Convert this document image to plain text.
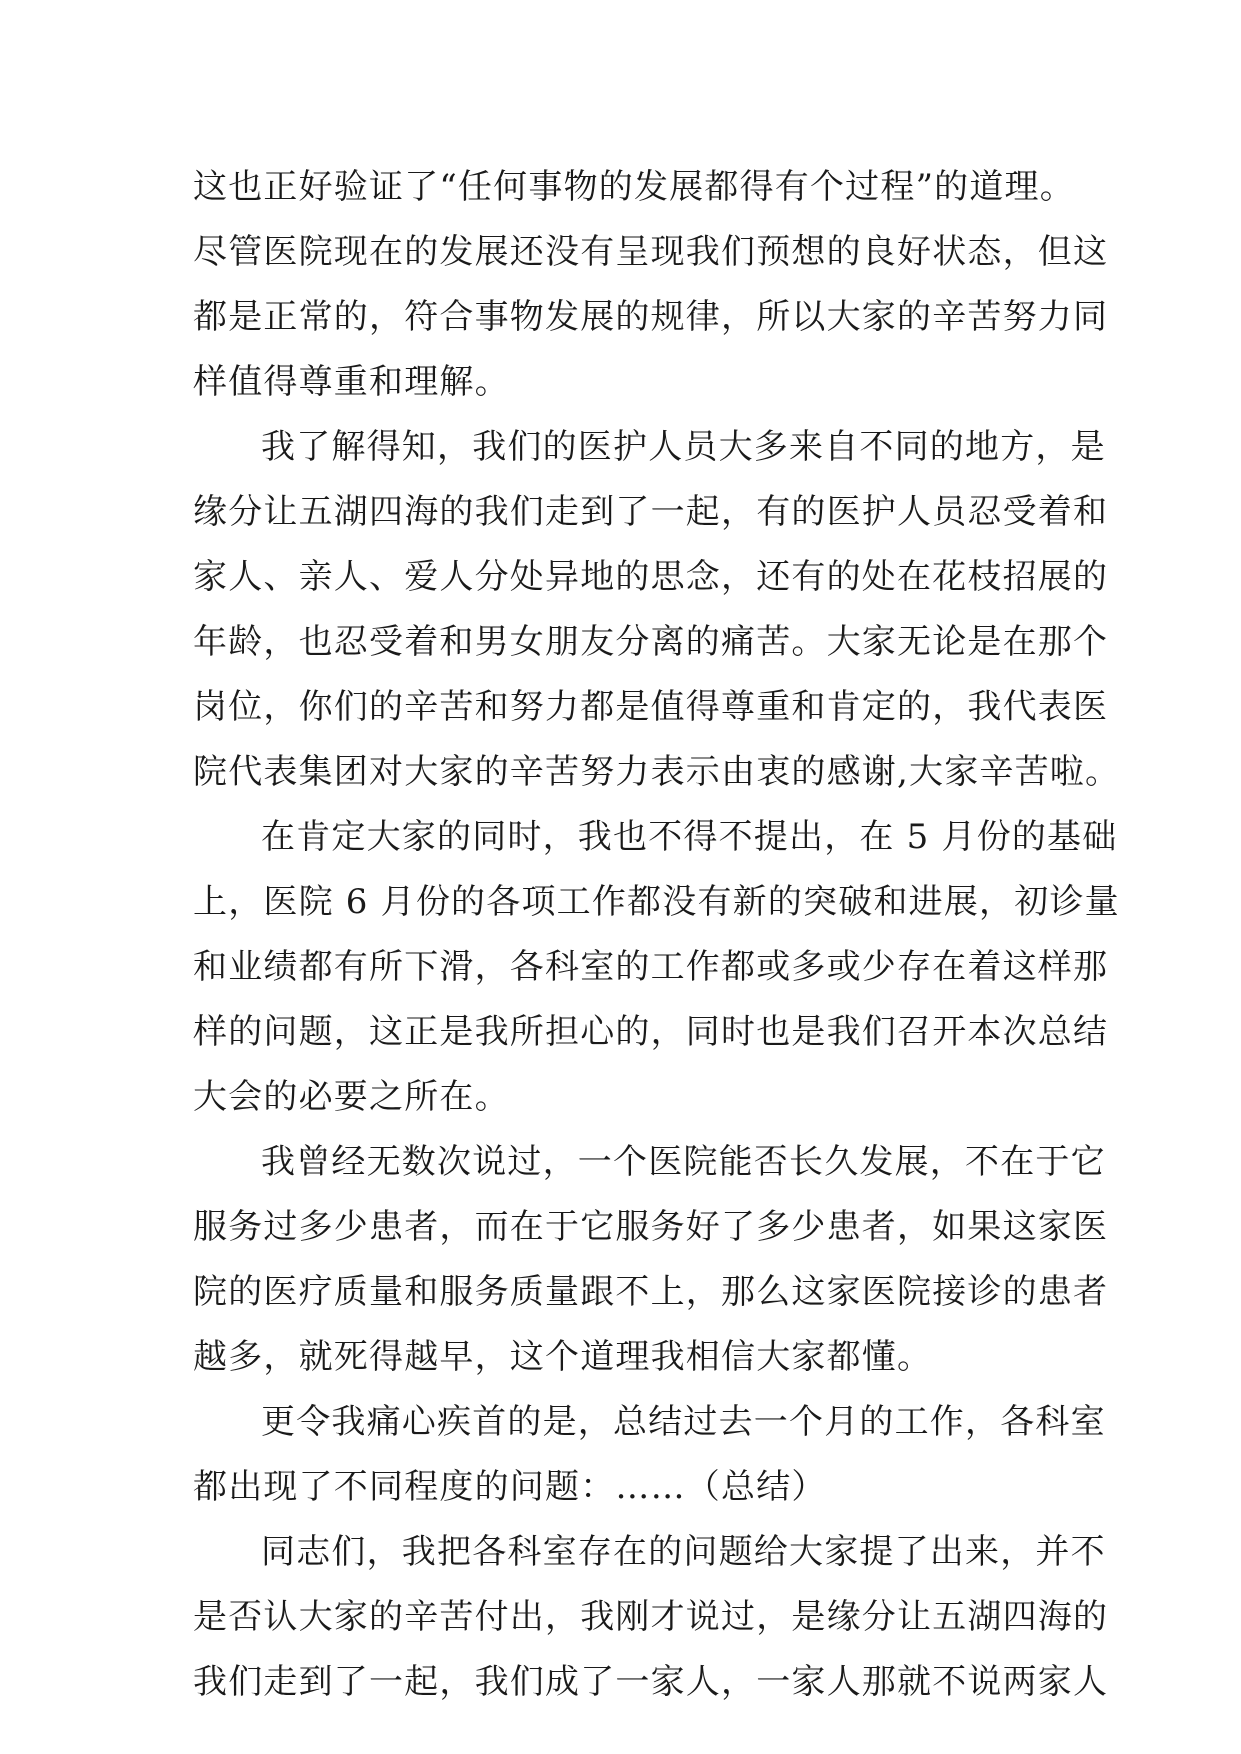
这也正好验证了“任何事物的发展都得有个过程”的道理。
尽管医院现在的发展还没有呈现我们预想的良好状态，但这
都是正常的，符合事物发展的规律，所以大家的辛苦努力同
样值得尊重和理解。

我了解得知，我们的医护人员大多来自不同的地方，是
缘分让五湖四海的我们走到了一起，有的医护人员忍受着和
家人、亲人、爱人分处异地的思念，还有的处在花枝招展的
年龄，也忍受着和男女朋友分离的痛苦。大家无论是在那个
岗位，你们的辛苦和努力都是值得尊重和肯定的，我代表医
院代表集团对大家的辛苦努力表示由衷的感谢,大家辛苦啦。

在肯定大家的同时，我也不得不提出，在 5 月份的基础
上，医院 6 月份的各项工作都没有新的突破和进展，初诊量
和业绩都有所下滑，各科室的工作都或多或少存在着这样那
样的问题，这正是我所担心的，同时也是我们召开本次总结
大会的必要之所在。

我曾经无数次说过，一个医院能否长久发展，不在于它
服务过多少患者，而在于它服务好了多少患者，如果这家医
院的医疗质量和服务质量跟不上，那么这家医院接诊的患者
越多，就死得越早，这个道理我相信大家都懂。

更令我痛心疾首的是，总结过去一个月的工作，各科室
都出现了不同程度的问题：……（总结）

同志们，我把各科室存在的问题给大家提了出来，并不
是否认大家的辛苦付出，我刚才说过，是缘分让五湖四海的
我们走到了一起，我们成了一家人，一家人那就不说两家人
